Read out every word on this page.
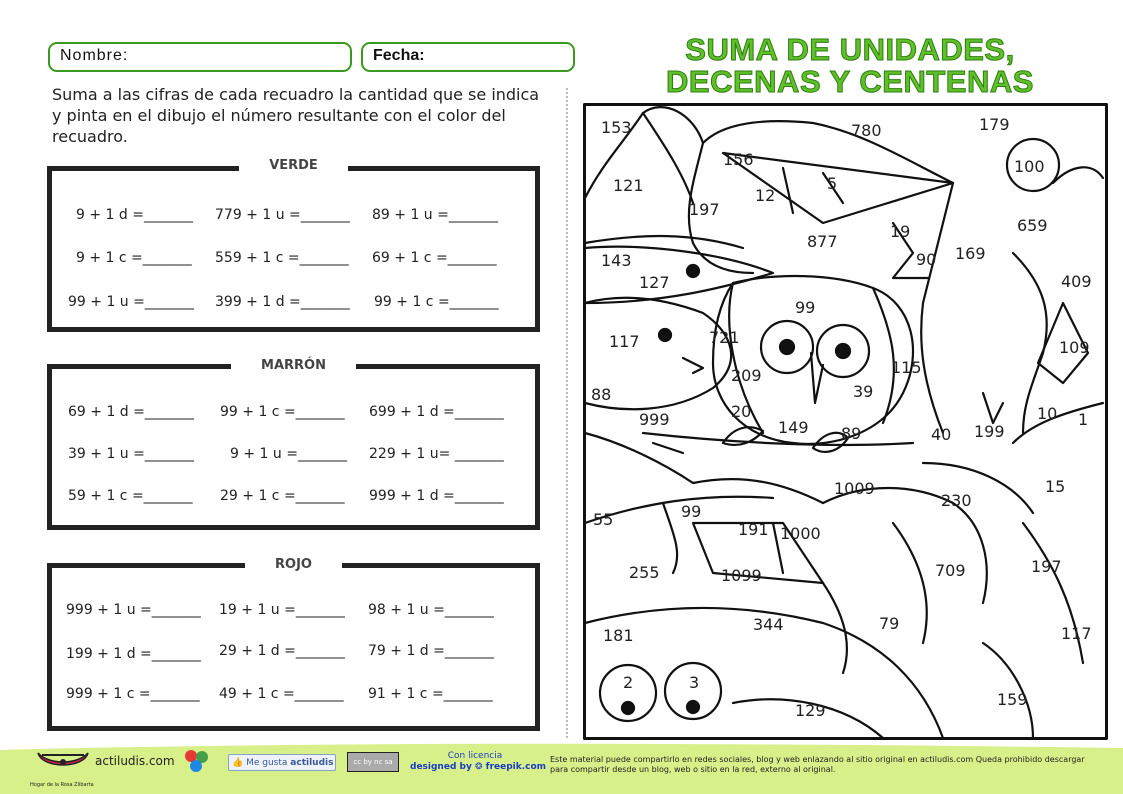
Nombre:	Fecha:
Suma a las cifras de cada recuadro la cantidad que se indica y pinta en el dibujo el número resultante con el color del recuadro.
VERDE
9 + 1 d =_______ 779 + 1 u =_______ 89 + 1 u =_______
9 + 1 c =_______ 559 + 1 c =_______ 69 + 1 c =_______
99 + 1 u =_______ 399 + 1 d =_______ 99 + 1 c =_______
MARRÓN
69 + 1 d =_______ 99 + 1 c =_______ 699 + 1 d =_______
39 + 1 u =_______	9 + 1 u =_______ 229 + 1 u= _______
59 + 1 c =_______ 29 + 1 c =_______ 999 + 1 d =_______
ROJO
999 + 1 u =_______ 19 + 1 u =_______ 98 + 1 u =_______
199 + 1 d =_______ 29 + 1 d =_______ 79 + 1 d =_______
999 + 1 c =_______ 49 + 1 c =_______ 91 + 1 c =_______
SUMA DE UNIDADES,
DECENAS Y CENTENAS
153	780	179
100
156
12
5
121
197
659
877
19
90 169
143
127	409
99
117	721
109
209	115
88	39
999	20
149 89	40 199
10 1
1009
230
15
55	99
191 1000
255	1099	709	197
344	79
181	117
2	3
159
129
Hogar de la Rosa Zilbarta
actiludis.com	👍 Me gusta actiludis	cc by nc sa
Con licencia
designed by ❂ freepik.com
Este material puede compartirlo en redes sociales, blog y web enlazando al sitio original en actiludis.com Queda prohibido descargar para compartir desde un blog, web o sitio en la red, externo al original.
